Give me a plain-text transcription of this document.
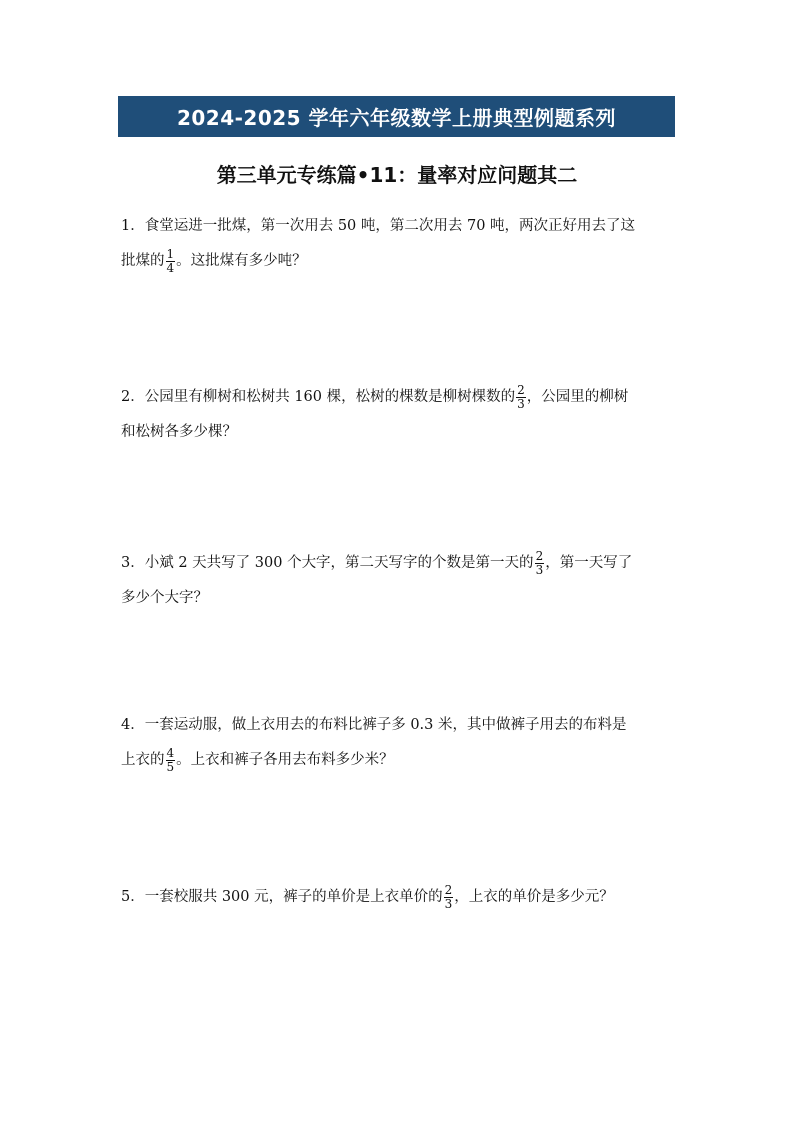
2024-2025 学年六年级数学上册典型例题系列
第三单元专练篇•11：量率对应问题其二
1．食堂运进一批煤，第一次用去 50 吨，第二次用去 70 吨，两次正好用去了这
批煤的 $\frac{1}{4}$ 。这批煤有多少吨？
2．公园里有柳树和松树共 160 棵，松树的棵数是柳树棵数的 $\frac{2}{3}$ ，公园里的柳树
和松树各多少棵？
3．小斌 2 天共写了 300 个大字，第二天写字的个数是第一天的 $\frac{2}{3}$ ，第一天写了
多少个大字？
4．一套运动服，做上衣用去的布料比裤子多 0.3 米，其中做裤子用去的布料是
上衣的 $\frac{4}{5}$ 。上衣和裤子各用去布料多少米？
5．一套校服共 300 元，裤子的单价是上衣单价的 $\frac{2}{3}$ ，上衣的单价是多少元？
